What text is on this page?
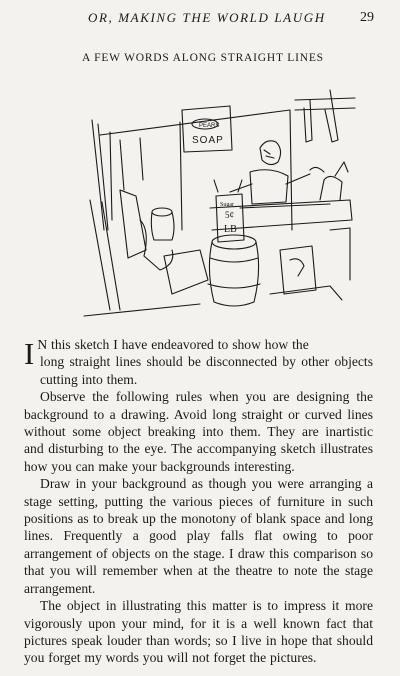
OR, MAKING THE WORLD LAUGH 29
A FEW WORDS ALONG STRAIGHT LINES
PEARS
SOAP
Sugar
5¢
LB

I N this sketch I have endeavored to show how the
long straight lines should be disconnected by other objects cutting into them.

Observe the following rules when you are designing the background to a drawing. Avoid long straight or curved lines without some object breaking into them. They are inartistic and disturbing to the eye. The accompanying sketch illustrates how you can make your backgrounds interesting.

Draw in your background as though you were arranging a stage setting, putting the various pieces of furniture in such positions as to break up the monotony of blank space and long lines. Frequently a good play falls flat owing to poor arrangement of objects on the stage. I draw this comparison so that you will remember when at the theatre to note the stage arrangement.

The object in illustrating this matter is to impress it more vigorously upon your mind, for it is a well known fact that pictures speak louder than words; so I live in hope that should you forget my words you will not forget the pictures.
